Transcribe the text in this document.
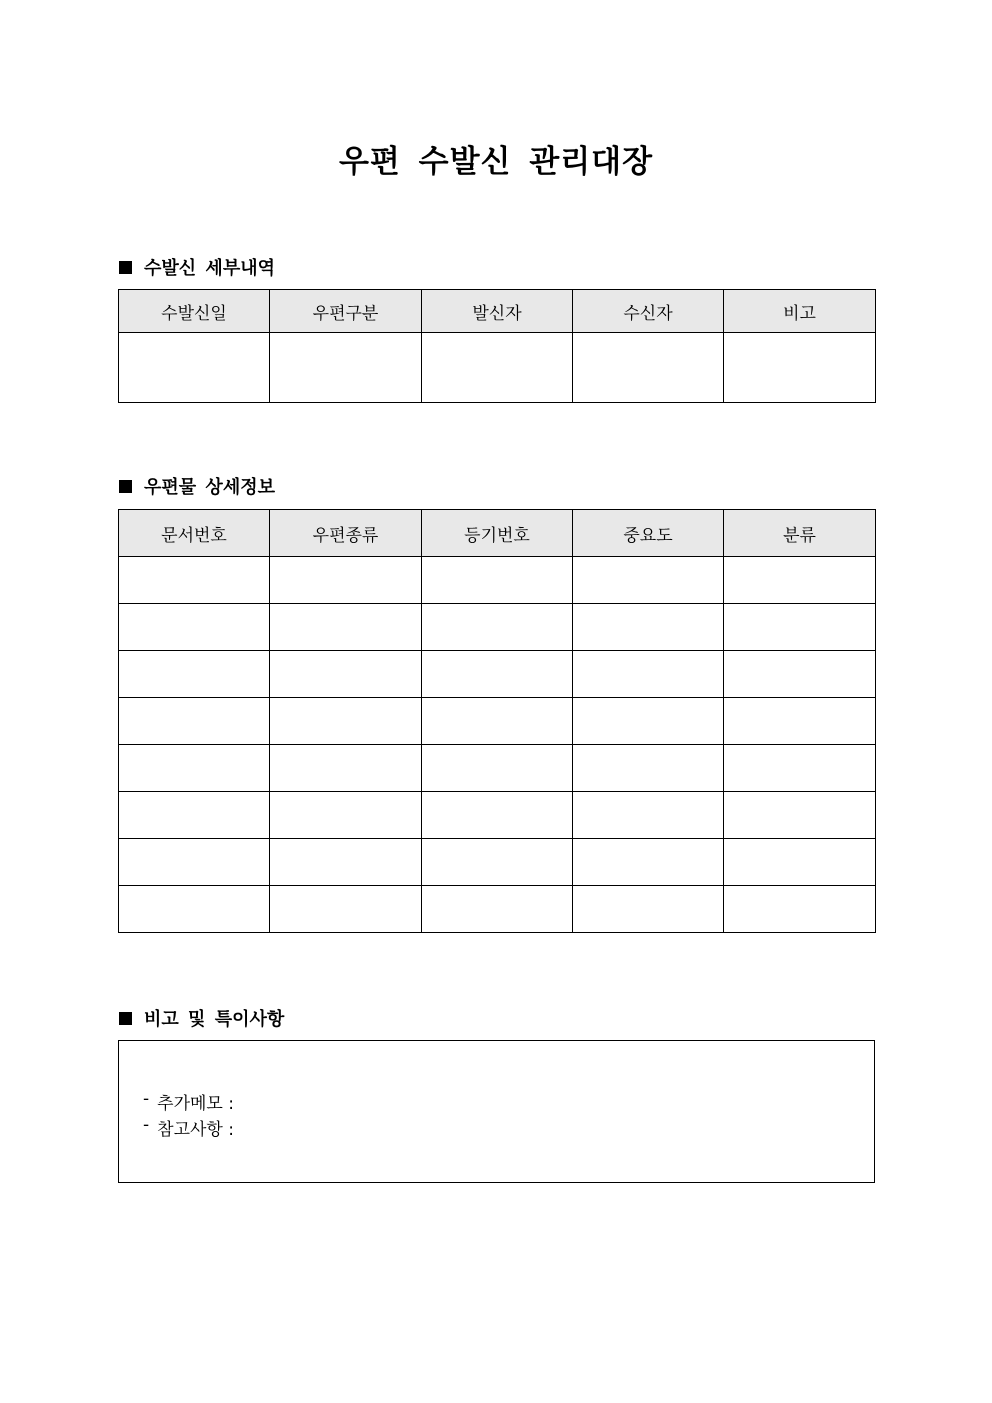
우편 수발신 관리대장
수발신 세부내역
수발신일	우편구분	발신자	수신자	비고

우편물 상세정보
문서번호	우편종류	등기번호	중요도	분류

비고 및 특이사항
- 추가메모 :
- 참고사항 :
